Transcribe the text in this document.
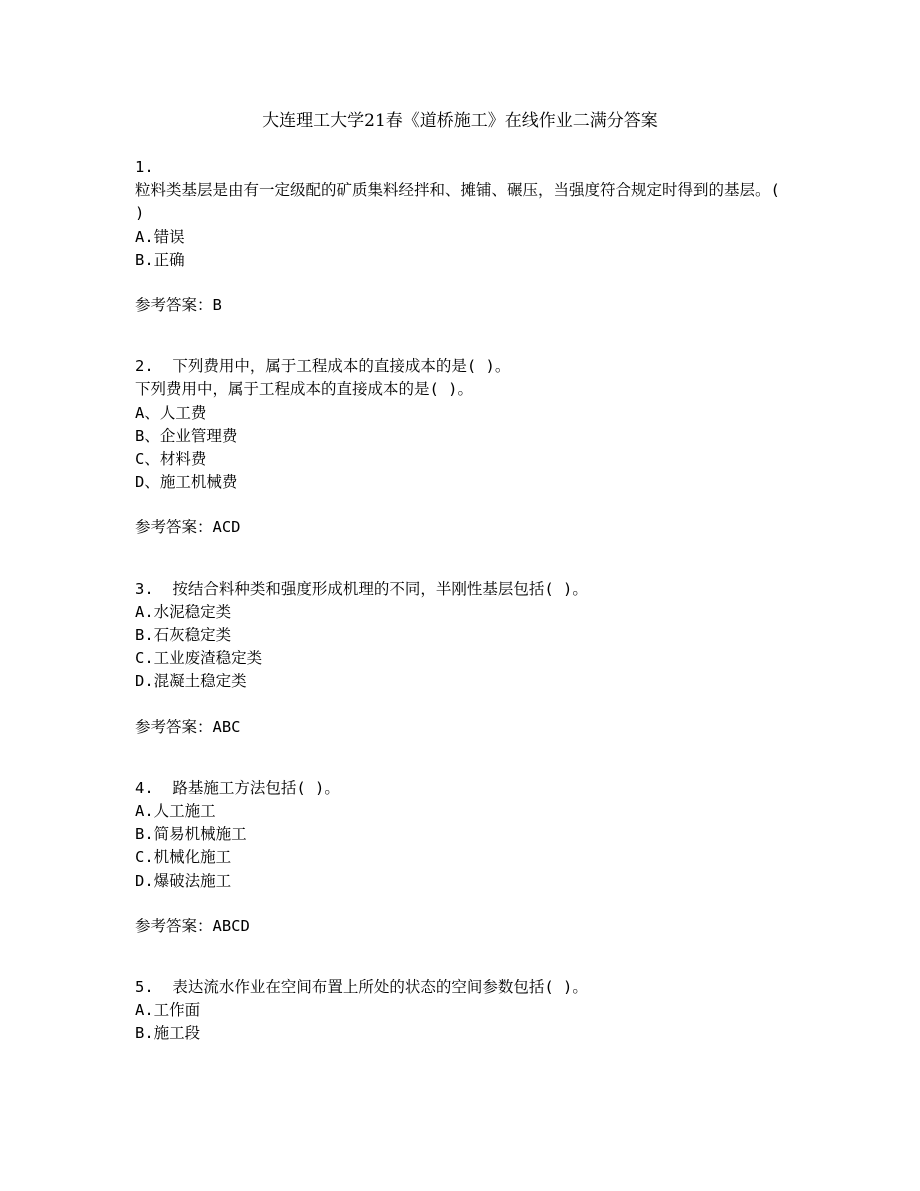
大连理工大学21春《道桥施工》在线作业二满分答案
1.
粒料类基层是由有一定级配的矿质集料经拌和、摊铺、碾压，当强度符合规定时得到的基层。( )
A.错误
B.正确
参考答案：B
2. 下列费用中，属于工程成本的直接成本的是( )。
下列费用中，属于工程成本的直接成本的是( )。
A、人工费
B、企业管理费
C、材料费
D、施工机械费
参考答案：ACD
3. 按结合料种类和强度形成机理的不同，半刚性基层包括( )。
A.水泥稳定类
B.石灰稳定类
C.工业废渣稳定类
D.混凝土稳定类
参考答案：ABC
4. 路基施工方法包括( )。
A.人工施工
B.简易机械施工
C.机械化施工
D.爆破法施工
参考答案：ABCD
5. 表达流水作业在空间布置上所处的状态的空间参数包括( )。
A.工作面
B.施工段
